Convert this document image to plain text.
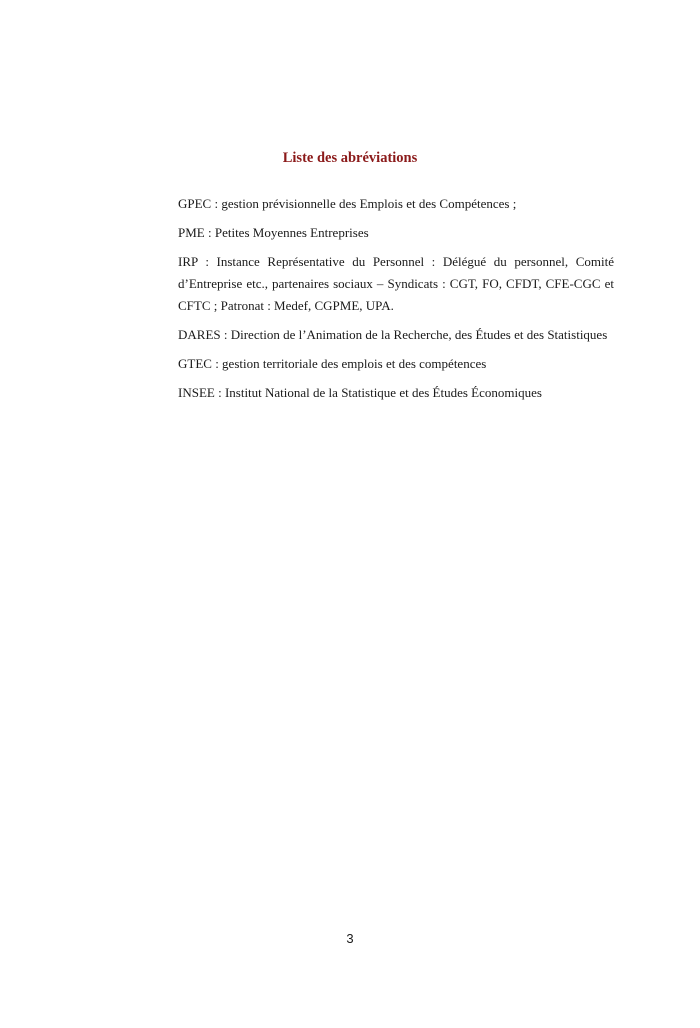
Liste des abréviations

GPEC : gestion prévisionnelle des Emplois et des Compétences ;

PME : Petites Moyennes Entreprises

IRP : Instance Représentative du Personnel : Délégué du personnel, Comité d’Entreprise etc., partenaires sociaux – Syndicats : CGT, FO, CFDT, CFE-CGC et CFTC ; Patronat : Medef, CGPME, UPA.

DARES : Direction de l’Animation de la Recherche, des Études et des Statistiques

GTEC : gestion territoriale des emplois et des compétences

INSEE : Institut National de la Statistique et des Études Économiques

3
